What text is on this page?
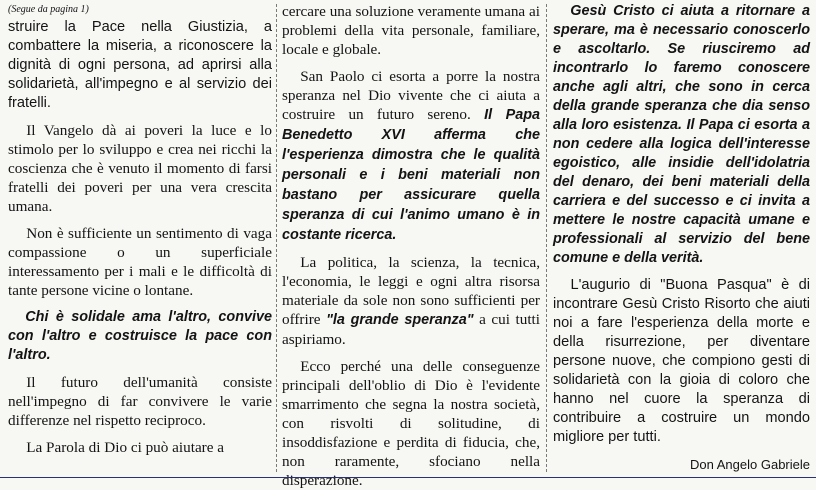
(Segue da pagina 1)

struire la Pace nella Giustizia, a combattere la miseria, a riconoscere la dignità di ogni persona, ad aprirsi alla solidarietà, all'impegno e al servizio dei fratelli.

Il Vangelo dà ai poveri la luce e lo stimolo per lo sviluppo e crea nei ricchi la coscienza che è venuto il momento di farsi fratelli dei poveri per una vera crescita umana.

Non è sufficiente un sentimento di vaga compassione o un superficiale interessamento per i mali e le difficoltà di tante persone vicine o lontane.

Chi è solidale ama l'altro, convive con l'altro e costruisce la pace con l'altro.

Il futuro dell'umanità consiste nell'impegno di far convivere le varie differenze nel rispetto reciproco.

La Parola di Dio ci può aiutare a

cercare una soluzione veramente umana ai problemi della vita personale, familiare, locale e globale.

San Paolo ci esorta a porre la nostra speranza nel Dio vivente che ci aiuta a costruire un futuro sereno. Il Papa Benedetto XVI afferma che l'esperienza dimostra che le qualità personali e i beni materiali non bastano per assicurare quella speranza di cui l'animo umano è in costante ricerca.

La politica, la scienza, la tecnica, l'economia, le leggi e ogni altra risorsa materiale da sole non sono sufficienti per offrire "la grande speranza" a cui tutti aspiriamo.

Ecco perché una delle conseguenze principali dell'oblio di Dio è l'evidente smarrimento che segna la nostra società, con risvolti di solitudine, di insoddisfazione e perdita di fiducia, che, non raramente, sfociano nella disperazione.

Gesù Cristo ci aiuta a ritornare a sperare, ma è necessario conoscerlo e ascoltarlo. Se riusciremo ad incontrarlo lo faremo conoscere anche agli altri, che sono in cerca della grande speranza che dia senso alla loro esistenza. Il Papa ci esorta a non cedere alla logica dell'interesse egoistico, alle insidie dell'idolatria del denaro, dei beni materiali della carriera e del successo e ci invita a mettere le nostre capacità umane e professionali al servizio del bene comune e della verità.

L'augurio di "Buona Pasqua" è di incontrare Gesù Cristo Risorto che aiuti noi a fare l'esperienza della morte e della risurrezione, per diventare persone nuove, che compiono gesti di solidarietà con la gioia di coloro che hanno nel cuore la speranza di contribuire a costruire un mondo migliore per tutti.

Don Angelo Gabriele
